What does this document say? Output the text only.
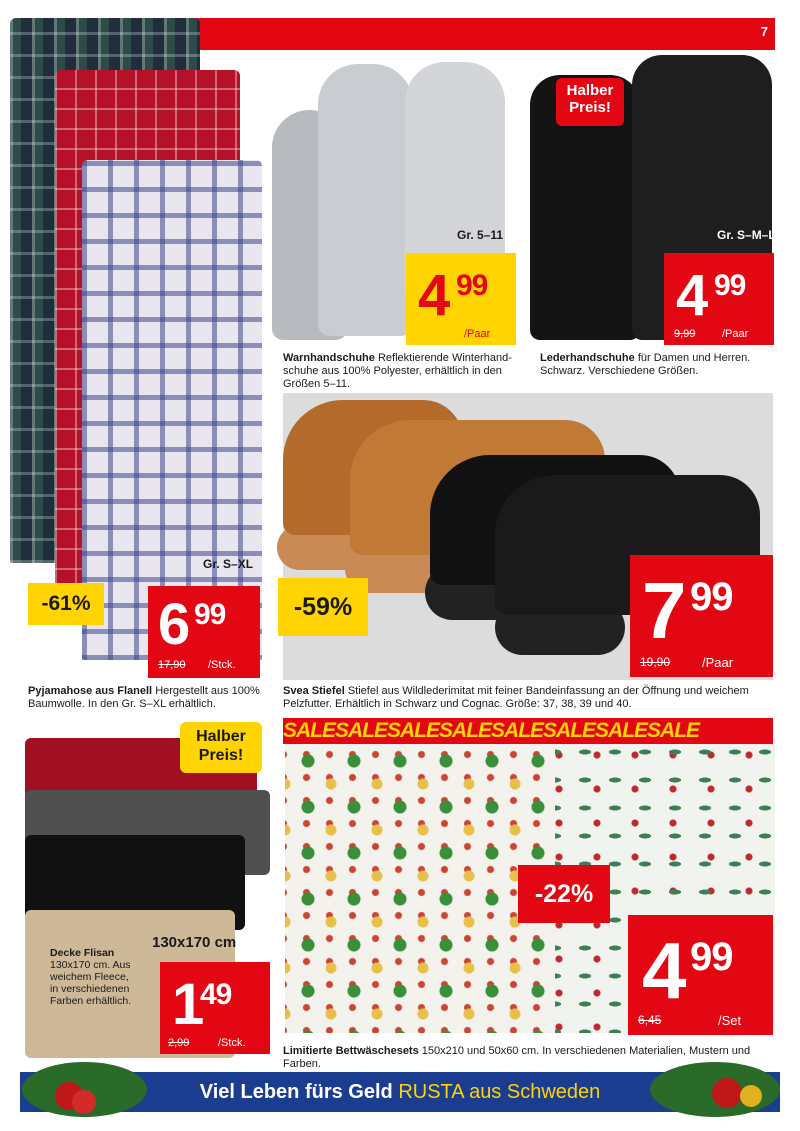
7
Gr. S–XL
-61% 6 99
17,90 /Stck.
Pyjamahose aus Flanell Hergestellt aus 100% Baumwolle. In den Gr. S–XL erhältlich.
Gr. 5–11
4 99
/Paar
Warnhandschuhe Reflektierende Winterhand-schuhe aus 100% Polyester, erhältlich in den Größen 5–11.
Halber Preis!
Gr. S–M–L
4 99
9,99 /Paar
Lederhandschuhe für Damen und Herren. Schwarz. Verschiedene Größen.
Gr. 37–40
-59%	7 99
19,90 /Paar
Svea Stiefel Stiefel aus Wildlederimitat mit feiner Bandeinfassung an der Öffnung und weichem Pelzfutter. Erhältlich in Schwarz und Cognac. Größe: 37, 38, 39 und 40.
Halber Preis!
130x170 cm
Decke Flisan
130x170 cm. Aus weichem Fleece, in verschiedenen Farben erhältlich. 1
49
2,99	/Stck.
SALESALESALESALESALESALESALESALE
-22%
4 99
6,45	/Set
Limitierte Bettwäschesets 150x210 und 50x60 cm. In verschiedenen Materialien, Mustern und Farben.
Viel Leben fürs Geld RUSTA aus Schweden
